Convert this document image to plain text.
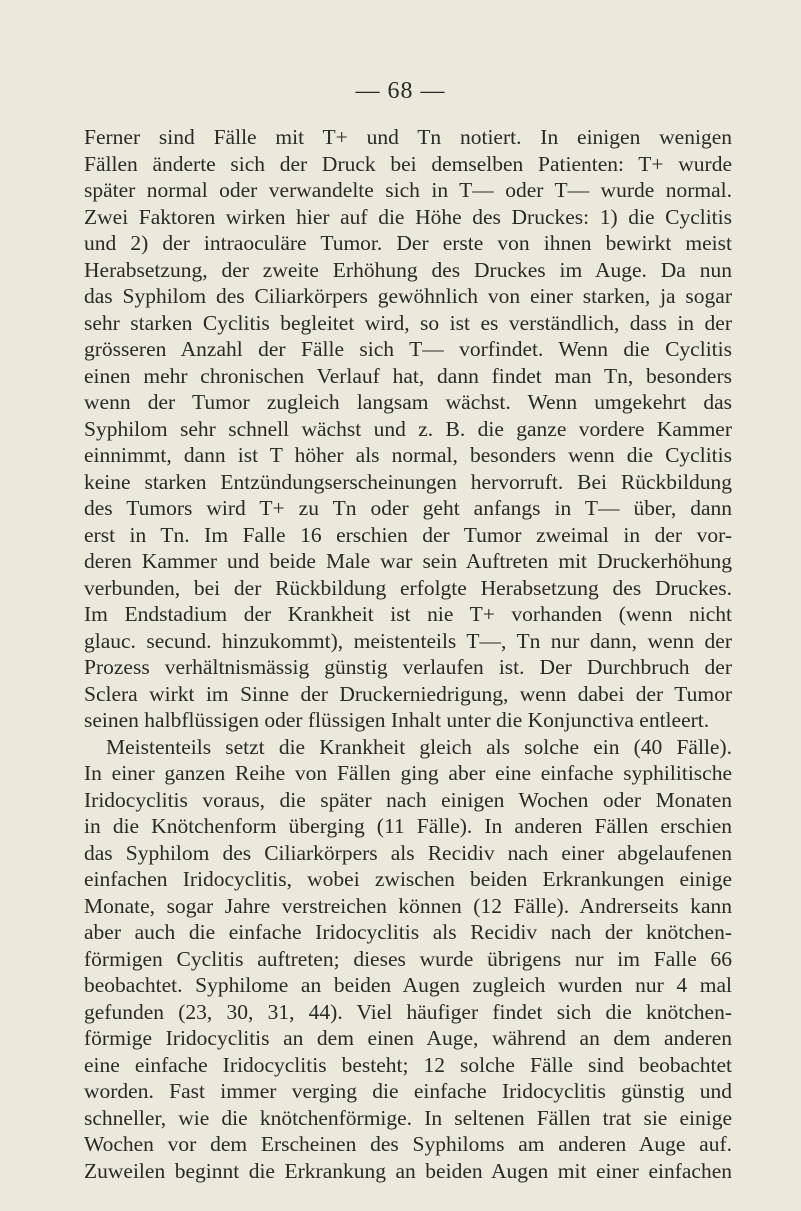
— 68 —
Ferner sind Fälle mit T+ und Tn notiert. In einigen wenigen
Fällen änderte sich der Druck bei demselben Patienten: T+ wurde
später normal oder verwandelte sich in T— oder T— wurde normal.
Zwei Faktoren wirken hier auf die Höhe des Druckes: 1) die Cyclitis
und 2) der intraoculäre Tumor. Der erste von ihnen bewirkt meist
Herabsetzung, der zweite Erhöhung des Druckes im Auge. Da nun
das Syphilom des Ciliarkörpers gewöhnlich von einer starken, ja sogar
sehr starken Cyclitis begleitet wird, so ist es verständlich, dass in der
grösseren Anzahl der Fälle sich T— vorfindet. Wenn die Cyclitis
einen mehr chronischen Verlauf hat, dann findet man Tn, besonders
wenn der Tumor zugleich langsam wächst. Wenn umgekehrt das
Syphilom sehr schnell wächst und z. B. die ganze vordere Kammer
einnimmt, dann ist T höher als normal, besonders wenn die Cyclitis
keine starken Entzündungserscheinungen hervorruft. Bei Rückbildung
des Tumors wird T+ zu Tn oder geht anfangs in T— über, dann
erst in Tn. Im Falle 16 erschien der Tumor zweimal in der vor-
deren Kammer und beide Male war sein Auftreten mit Druckerhöhung
verbunden, bei der Rückbildung erfolgte Herabsetzung des Druckes.
Im Endstadium der Krankheit ist nie T+ vorhanden (wenn nicht
glauc. secund. hinzukommt), meistenteils T—, Tn nur dann, wenn der
Prozess verhältnismässig günstig verlaufen ist. Der Durchbruch der
Sclera wirkt im Sinne der Druckerniedrigung, wenn dabei der Tumor
seinen halbflüssigen oder flüssigen Inhalt unter die Konjunctiva entleert.
Meistenteils setzt die Krankheit gleich als solche ein (40 Fälle).
In einer ganzen Reihe von Fällen ging aber eine einfache syphilitische
Iridocyclitis voraus, die später nach einigen Wochen oder Monaten
in die Knötchenform überging (11 Fälle). In anderen Fällen erschien
das Syphilom des Ciliarkörpers als Recidiv nach einer abgelaufenen
einfachen Iridocyclitis, wobei zwischen beiden Erkrankungen einige
Monate, sogar Jahre verstreichen können (12 Fälle). Andrerseits kann
aber auch die einfache Iridocyclitis als Recidiv nach der knötchen-
förmigen Cyclitis auftreten; dieses wurde übrigens nur im Falle 66
beobachtet. Syphilome an beiden Augen zugleich wurden nur 4 mal
gefunden (23, 30, 31, 44). Viel häufiger findet sich die knötchen-
förmige Iridocyclitis an dem einen Auge, während an dem anderen
eine einfache Iridocyclitis besteht; 12 solche Fälle sind beobachtet
worden. Fast immer verging die einfache Iridocyclitis günstig und
schneller, wie die knötchenförmige. In seltenen Fällen trat sie einige
Wochen vor dem Erscheinen des Syphiloms am anderen Auge auf.
Zuweilen beginnt die Erkrankung an beiden Augen mit einer einfachen
